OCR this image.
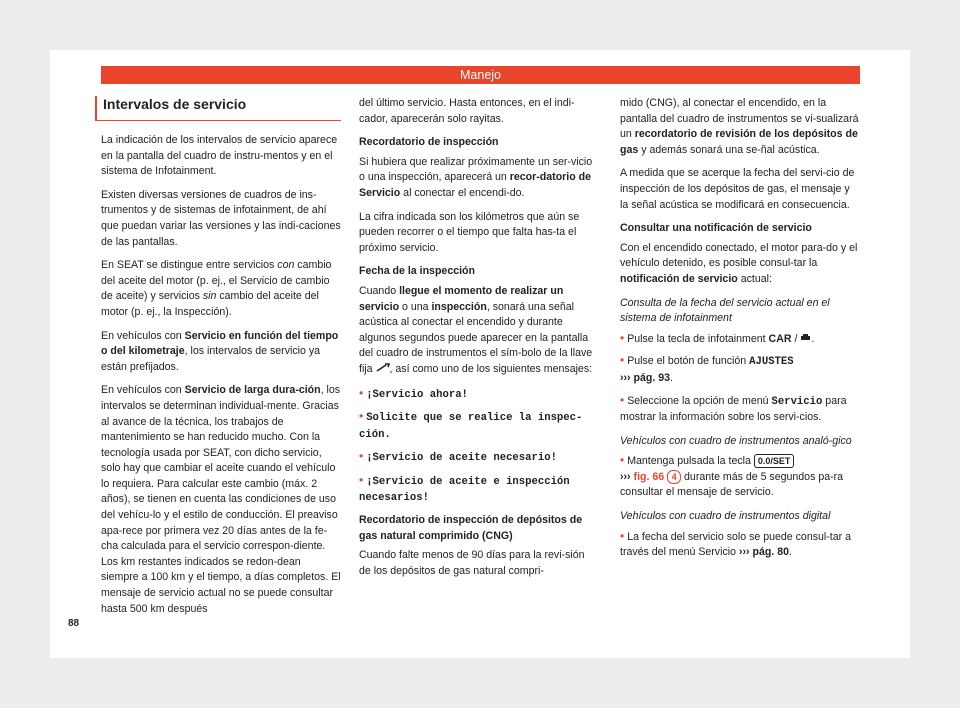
Manejo
Intervalos de servicio

La indicación de los intervalos de servicio aparece en la pantalla del cuadro de instru-mentos y en el sistema de Infotainment.

Existen diversas versiones de cuadros de ins-trumentos y de sistemas de infotainment, de ahí que puedan variar las versiones y las indi-caciones de las pantallas.

En SEAT se distingue entre servicios con cambio del aceite del motor (p. ej., el Servicio de cambio de aceite) y servicios sin cambio del aceite del motor (p. ej., la Inspección).

En vehículos con Servicio en función del tiempo o del kilometraje, los intervalos de servicio ya están prefijados.

En vehículos con Servicio de larga dura-ción, los intervalos se determinan individual-mente. Gracias al avance de la técnica, los trabajos de mantenimiento se han reducido mucho. Con la tecnología usada por SEAT, con dicho servicio, solo hay que cambiar el aceite cuando el vehículo lo requiera. Para calcular este cambio (máx. 2 años), se tienen en cuenta las condiciones de uso del vehícu-lo y el estilo de conducción. El preaviso apa-rece por primera vez 20 días antes de la fe-cha calculada para el servicio correspon-diente. Los km restantes indicados se redon-dean siempre a 100 km y el tiempo, a días completos. El mensaje de servicio actual no se puede consultar hasta 500 km después

del último servicio. Hasta entonces, en el indi-cador, aparecerán solo rayitas.

Recordatorio de inspección

Si hubiera que realizar próximamente un ser-vicio o una inspección, aparecerá un recor-datorio de Servicio al conectar el encendi-do.

La cifra indicada son los kilómetros que aún se pueden recorrer o el tiempo que falta has-ta el próximo servicio.

Fecha de la inspección

Cuando llegue el momento de realizar un servicio o una inspección, sonará una señal acústica al conectar el encendido y durante algunos segundos puede aparecer en la pantalla del cuadro de instrumentos el sím-bolo de la llave fija , así como uno de los siguientes mensajes:

• ¡Servicio ahora!
• Solicite que se realice la inspec-ción.
• ¡Servicio de aceite necesario!
• ¡Servicio de aceite e inspección necesarios!
Recordatorio de inspección de depósitos de gas natural comprimido (CNG)

Cuando falte menos de 90 días para la revi-sión de los depósitos de gas natural compri-

mido (CNG), al conectar el encendido, en la pantalla del cuadro de instrumentos se vi-sualizará un recordatorio de revisión de los depósitos de gas y además sonará una se-ñal acústica.

A medida que se acerque la fecha del servi-cio de inspección de los depósitos de gas, el mensaje y la señal acústica se modificará en consecuencia.

Consultar una notificación de servicio

Con el encendido conectado, el motor para-do y el vehículo detenido, es posible consul-tar la notificación de servicio actual:

Consulta de la fecha del servicio actual en el sistema de infotainment
• Pulse la tecla de infotainment CAR / .
• Pulse el botón de función AJUSTES
››› pág. 93.
• Seleccione la opción de menú Servicio para mostrar la información sobre los servi-cios.
Vehículos con cuadro de instrumentos analó-gico
• Mantenga pulsada la tecla 0.0/SET
››› fig. 66 4 durante más de 5 segundos pa-ra consultar el mensaje de servicio.
Vehículos con cuadro de instrumentos digital
• La fecha del servicio solo se puede consul-tar a través del menú Servicio ››› pág. 80.
88
